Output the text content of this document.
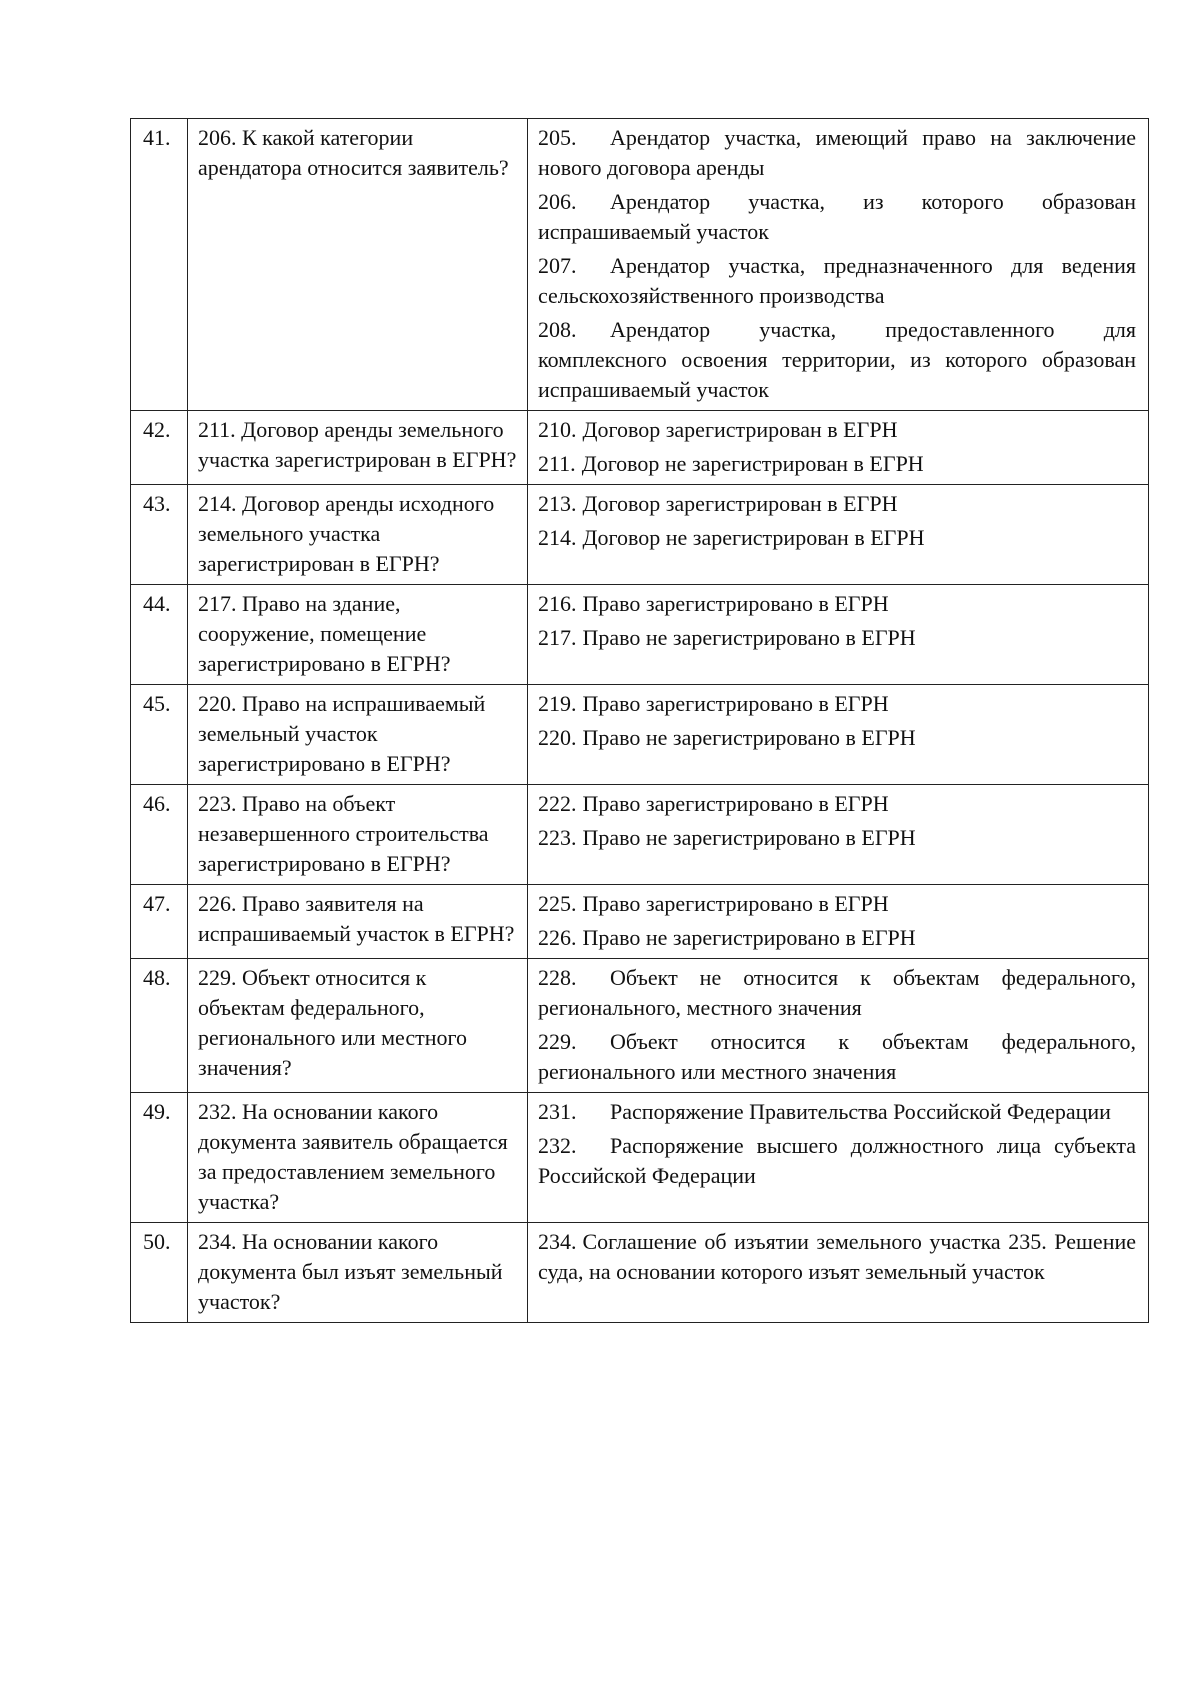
41.	206. К какой категории арендатора относится заявитель?	205. Арендатор участка, имеющий право на заключение нового договора аренды
206. Арендатор участка, из которого образован испрашиваемый участок
207. Арендатор участка, предназначенного для ведения сельскохозяйственного производства
208. Арендатор участка, предоставленного для комплексного освоения территории, из которого образован испрашиваемый участок

42.	211. Договор аренды земельного участка зарегистрирован в ЕГРН?	210. Договор зарегистрирован в ЕГРН
211. Договор не зарегистрирован в ЕГРН

43.	214. Договор аренды исходного земельного участка зарегистрирован в ЕГРН?	213. Договор зарегистрирован в ЕГРН
214. Договор не зарегистрирован в ЕГРН

44.	217. Право на здание, сооружение, помещение зарегистрировано в ЕГРН?	216. Право зарегистрировано в ЕГРН
217. Право не зарегистрировано в ЕГРН

45.	220. Право на испрашиваемый земельный участок зарегистрировано в ЕГРН?	219. Право зарегистрировано в ЕГРН
220. Право не зарегистрировано в ЕГРН

46.	223. Право на объект незавершенного строительства зарегистрировано в ЕГРН?	222. Право зарегистрировано в ЕГРН
223. Право не зарегистрировано в ЕГРН

47.	226. Право заявителя на испрашиваемый участок в ЕГРН?	225. Право зарегистрировано в ЕГРН
226. Право не зарегистрировано в ЕГРН

48.	229. Объект относится к объектам федерального, регионального или местного значения?	228. Объект не относится к объектам федерального, регионального, местного значения
229. Объект относится к объектам федерального, регионального или местного значения

49.	232. На основании какого документа заявитель обращается за предоставлением земельного участка?	231. Распоряжение Правительства Российской Федерации
232. Распоряжение высшего должностного лица субъекта Российской Федерации

50.	234. На основании какого документа был изъят земельный участок?	234. Соглашение об изъятии земельного участка 235. Решение суда, на основании которого изъят земельный участок
